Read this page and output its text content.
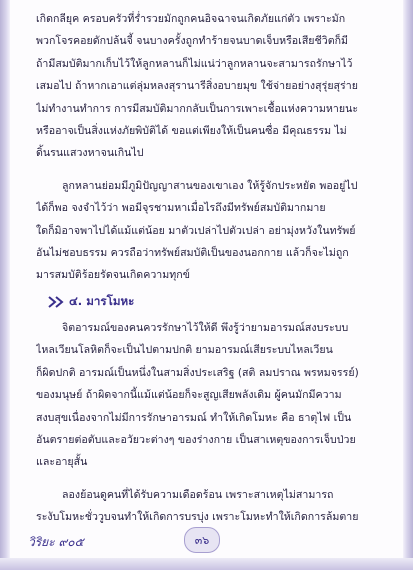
เกิดกลียุค ครอบครัวที่ร่ำรวยมักถูกคนอิจฉาจนเกิดภัยแก่ตัว เพราะมัก
พวกโจรคอยดักปล้นจี้ จนบางครั้งถูกทำร้ายจนบาดเจ็บหรือเสียชีวิตก็มี
ถ้ามีสมบัติมากเก็บไว้ให้ลูกหลานก็ไม่แน่ว่าลูกหลานจะสามารถรักษาไว้
เสมอไป ถ้าหากเอาแต่ลุ่มหลงสุรานารีสิ่งอบายมุข ใช้จ่ายอย่างสุรุ่ยสุร่าย
ไม่ทำงานทำการ การมีสมบัติมากกลับเป็นการเพาะเชื้อแห่งความหายนะ
หรืออาจเป็นสิ่งแห่งภัยพิบัติได้ ขอแต่เพียงให้เป็นคนซื่อ มีคุณธรรม ไม่
ดิ้นรนแสวงหาจนเกินไป
ลูกหลานย่อมมีภูมิปัญญาสานของเขาเอง ให้รู้จักประหยัด พออยู่ไป
ได้ก็พอ จงจำไว้ว่า พอมีจุรชามหาเมื่อไรถึงมีทรัพย์สมบัติมากมาย
ใดก็มิอาจพาไปได้แม้แต่น้อย มาตัวเปล่าไปตัวเปล่า อย่ามุ่งหวังในทรัพย์
อันไม่ชอบธรรม ควรถือว่าทรัพย์สมบัติเป็นของนอกกาย แล้วก็จะไม่ถูก
มารสมบัติร้อยรัดจนเกิดความทุกข์
๔. มารโมหะ
จิตอารมณ์ของคนควรรักษาไว้ให้ดี พึงรู้ว่ายามอารมณ์สงบระบบ
ไหลเวียนโลหิตก็จะเป็นไปตามปกติ ยามอารมณ์เสียระบบไหลเวียน
ก็ผิดปกติ อารมณ์เป็นหนึ่งในสามสิ่งประเสริฐ (สติ ลมปราณ พรหมจรรย์)
ของมนุษย์ ถ้าผิดจากนี้แม้แต่น้อยก็จะสูญเสียพลังเดิม ผู้คนมักมีความ
สงบสุขเนื่องจากไม่มีการรักษาอารมณ์ ทำให้เกิดโมหะ คือ ธาตุไฟ เป็น
อันตรายต่อตับและอวัยวะต่างๆ ของร่างกาย เป็นสาเหตุของการเจ็บป่วย
และอายุสั้น
ลองย้อนดูคนที่ได้รับความเดือดร้อน เพราะสาเหตุไม่สามารถ
ระงับโมหะชั่ววูบจนทำให้เกิดการบรบุ่ง เพราะโมหะทำให้เกิดการล้มตาย
วิริยะ ๙๐๕	๓๖
